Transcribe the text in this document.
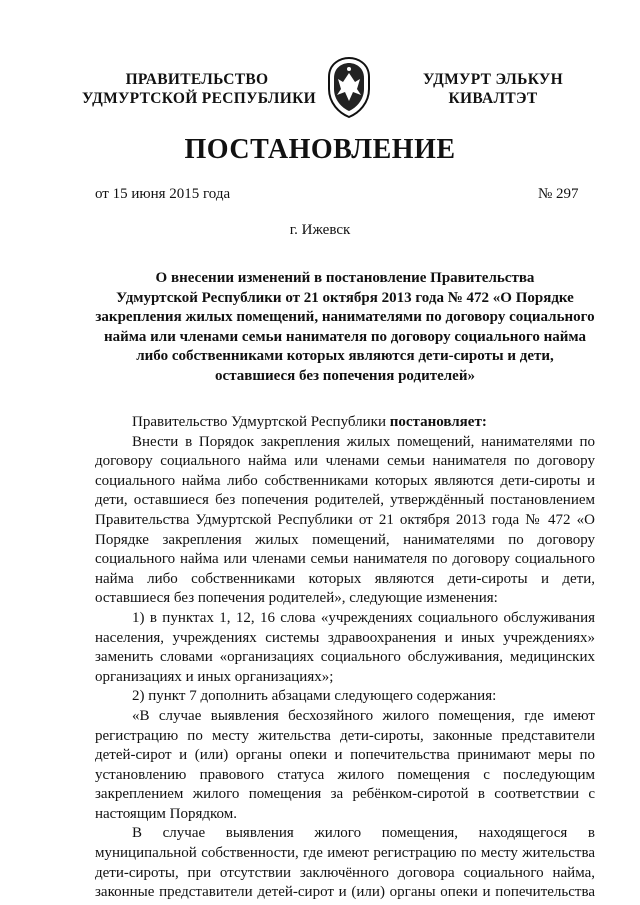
ПРАВИТЕЛЬСТВО
УДМУРТСКОЙ РЕСПУБЛИКИ
УДМУРТ ЭЛЬКУН
КИВАЛТЭТ
ПОСТАНОВЛЕНИЕ
от 15 июня 2015 года	№ 297
г. Ижевск
О внесении изменений в постановление Правительства
Удмуртской Республики от 21 октября 2013 года № 472 «О Порядке
закрепления жилых помещений, нанимателями по договору социального
найма или членами семьи нанимателя по договору социального найма
либо собственниками которых являются дети-сироты и дети,
оставшиеся без попечения родителей»
Правительство Удмуртской Республики постановляет:
Внести в Порядок закрепления жилых помещений, нанимателями по
договору социального найма или членами семьи нанимателя по договору
социального найма либо собственниками которых являются дети-сироты и
дети, оставшиеся без попечения родителей, утверждённый постановлением
Правительства Удмуртской Республики от 21 октября 2013 года № 472 «О
Порядке закрепления жилых помещений, нанимателями по договору
социального найма или членами семьи нанимателя по договору социального
найма либо собственниками которых являются дети-сироты и дети,
оставшиеся без попечения родителей», следующие изменения:
1) в пунктах 1, 12, 16 слова «учреждениях социального обслуживания
населения, учреждениях системы здравоохранения и иных учреждениях»
заменить словами «организациях социального обслуживания, медицинских
организациях и иных организациях»;
2) пункт 7 дополнить абзацами следующего содержания:
«В случае выявления бесхозяйного жилого помещения, где имеют
регистрацию по месту жительства дети-сироты, законные представители
детей-сирот и (или) органы опеки и попечительства принимают меры по
установлению правового статуса жилого помещения с последующим
закреплением жилого помещения за ребёнком-сиротой в соответствии с
настоящим Порядком.
В случае выявления жилого помещения, находящегося в
муниципальной собственности, где имеют регистрацию по месту жительства
дети-сироты, при отсутствии заключённого договора социального найма,
законные представители детей-сирот и (или) органы опеки и попечительства
